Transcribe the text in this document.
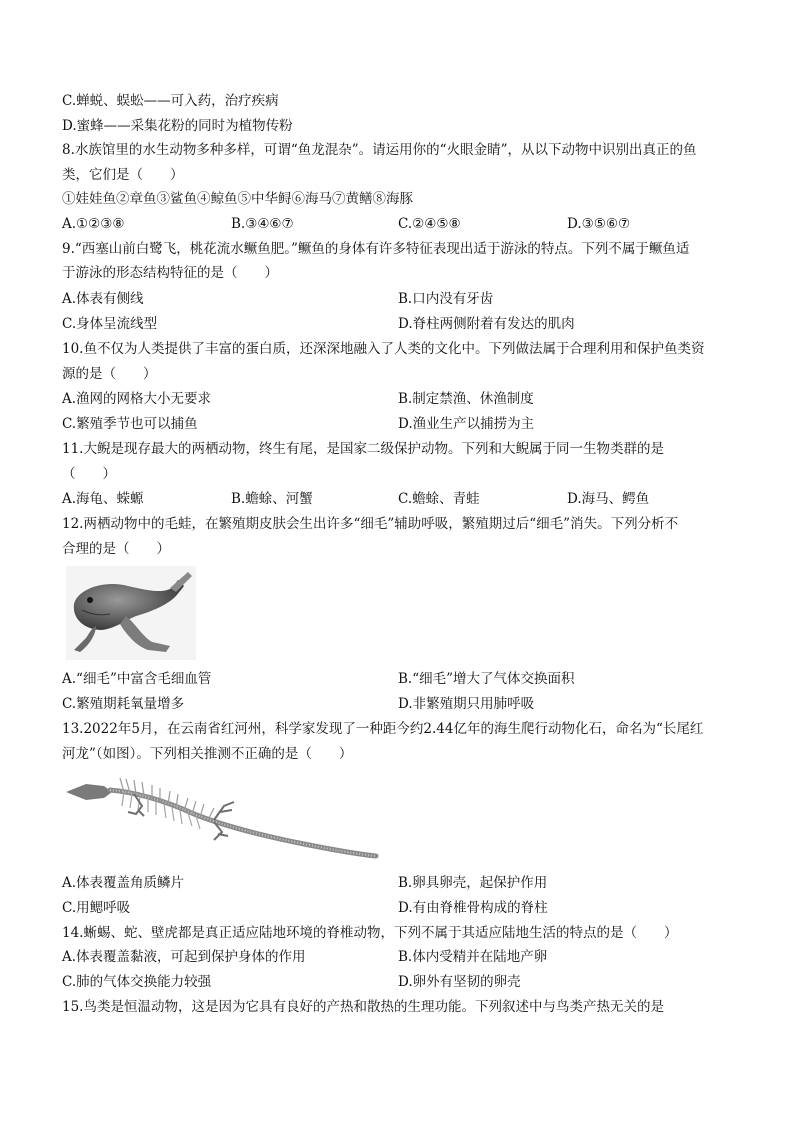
C.蝉蜕、蜈蚣——可入药，治疗疾病
D.蜜蜂——采集花粉的同时为植物传粉
8.水族馆里的水生动物多种多样，可谓“鱼龙混杂”。请运用你的“火眼金睛”，从以下动物中识别出真正的鱼
类，它们是（　　）
①娃娃鱼②章鱼③鲨鱼④鲸鱼⑤中华鲟⑥海马⑦黄鳝⑧海豚
A.①②③⑧	B.③④⑥⑦	C.②④⑤⑧	D.③⑤⑥⑦
9.“西塞山前白鹭飞，桃花流水鳜鱼肥。”鳜鱼的身体有许多特征表现出适于游泳的特点。下列不属于鳜鱼适
于游泳的形态结构特征的是（　　）
A.体表有侧线	B.口内没有牙齿
C.身体呈流线型	D.脊柱两侧附着有发达的肌肉
10.鱼不仅为人类提供了丰富的蛋白质，还深深地融入了人类的文化中。下列做法属于合理利用和保护鱼类资
源的是（　　）
A.渔网的网格大小无要求	B.制定禁渔、休渔制度
C.繁殖季节也可以捕鱼	D.渔业生产以捕捞为主
11.大鲵是现存最大的两栖动物，终生有尾，是国家二级保护动物。下列和大鲵属于同一生物类群的是
（　　）
A.海龟、蝾螈	B.蟾蜍、河蟹	C.蟾蜍、青蛙	D.海马、鳄鱼
12.两栖动物中的毛蛙，在繁殖期皮肤会生出许多“细毛”辅助呼吸，繁殖期过后“细毛”消失。下列分析不
合理的是（　　）
A.“细毛”中富含毛细血管	B.“细毛”增大了气体交换面积
C.繁殖期耗氧量增多	D.非繁殖期只用肺呼吸
13.2022年5月，在云南省红河州，科学家发现了一种距今约2.44亿年的海生爬行动物化石，命名为“长尾红
河龙”（如图）。下列相关推测不正确的是（　　）
A.体表覆盖角质鳞片	B.卵具卵壳，起保护作用
C.用鳃呼吸	D.有由脊椎骨构成的脊柱
14.蜥蜴、蛇、壁虎都是真正适应陆地环境的脊椎动物，下列不属于其适应陆地生活的特点的是（　　）
A.体表覆盖黏液，可起到保护身体的作用	B.体内受精并在陆地产卵
C.肺的气体交换能力较强	D.卵外有坚韧的卵壳
15.鸟类是恒温动物，这是因为它具有良好的产热和散热的生理功能。下列叙述中与鸟类产热无关的是
